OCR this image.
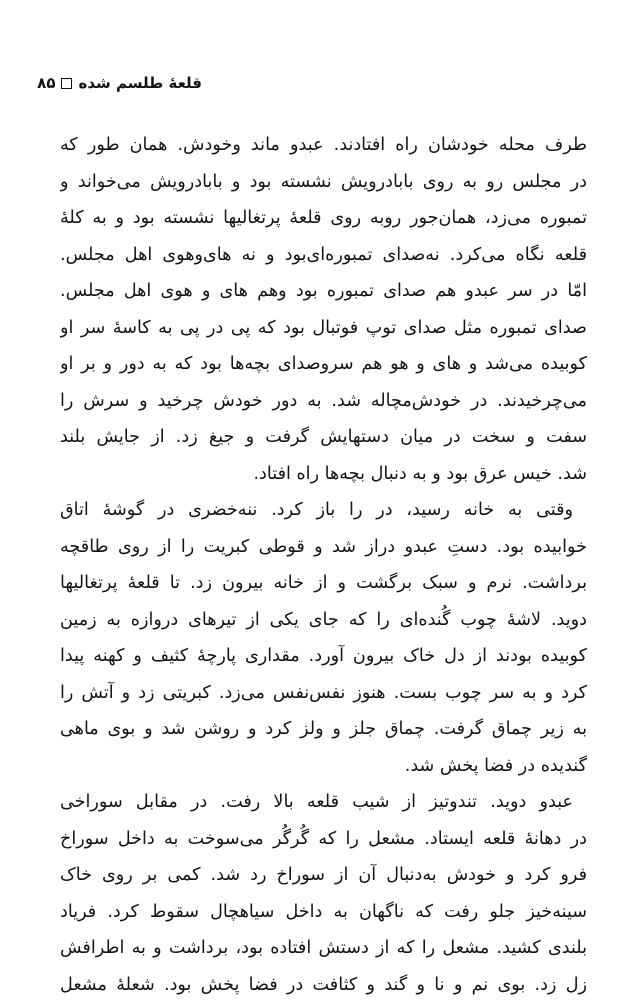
قلعهٔ طلسم شده
۸۵
طرف محله خودشان راه افتادند. عبدو ماند وخودش. همان طور که
در مجلس رو به روی بابادرویش نشسته بود و بابادرویش می‌خواند و
تمبوره می‌زد، همان‌جور روبه روی قلعهٔ پرتغالیها نشسته بود و به کلهٔ
قلعه نگاه می‌کرد. نه‌صدای تمبوره‌ای‌بود و نه های‌وهوی اهل مجلس.
امّا در سر عبدو هم صدای تمبوره بود وهم های و هوی اهل مجلس.
صدای تمبوره مثل صدای توپ فوتبال بود که پی در پی به کاسهٔ سر او
کوبیده می‌شد و های و هو هم سروصدای بچه‌ها بود که به دور و بر او
می‌چرخیدند. در خودش‌مچاله شد. به دور خودش چرخید و سرش را
سفت و سخت در میان دستهایش گرفت و جیغ زد. از جایش بلند
شد. خیس عرق بود و به دنبال بچه‌ها راه افتاد.
وقتی به خانه رسید، در را باز کرد. ننه‌خضری در گوشهٔ اتاق
خوابیده بود. دستِ عبدو دراز شد و قوطی کبریت را از روی طاقچه
برداشت. نرم و سبک برگشت و از خانه بیرون زد. تا قلعهٔ پرتغالیها
دوید. لاشهٔ چوب گُنده‌ای را که جای یکی از تیرهای دروازه به زمین
کوبیده بودند از دل خاک بیرون آورد. مقداری پارچهٔ کثیف و کهنه پیدا
کرد و به سر چوب بست. هنوز نفس‌نفس می‌زد. کبریتی زد و آتش را
به زیر چماق گرفت. چماق جلز و ولز کرد و روشن شد و بوی ماهی
گندیده در فضا پخش شد.
عبدو دوید. تندوتیز از شیب قلعه بالا رفت. در مقابل سوراخی
در دهانهٔ قلعه ایستاد. مشعل را که گُرگُر می‌سوخت به داخل سوراخ
فرو کرد و خودش به‌دنبال آن از سوراخ رد شد. کمی بر روی خاک
سینه‌خیز جلو رفت که ناگهان به داخل سیاهچال سقوط کرد. فریاد
بلندی کشید. مشعل را که از دستش افتاده بود، برداشت و به اطرافش
زل زد. بوی نم و نا و گند و کثافت در فضا پخش بود. شعلهٔ مشعل
